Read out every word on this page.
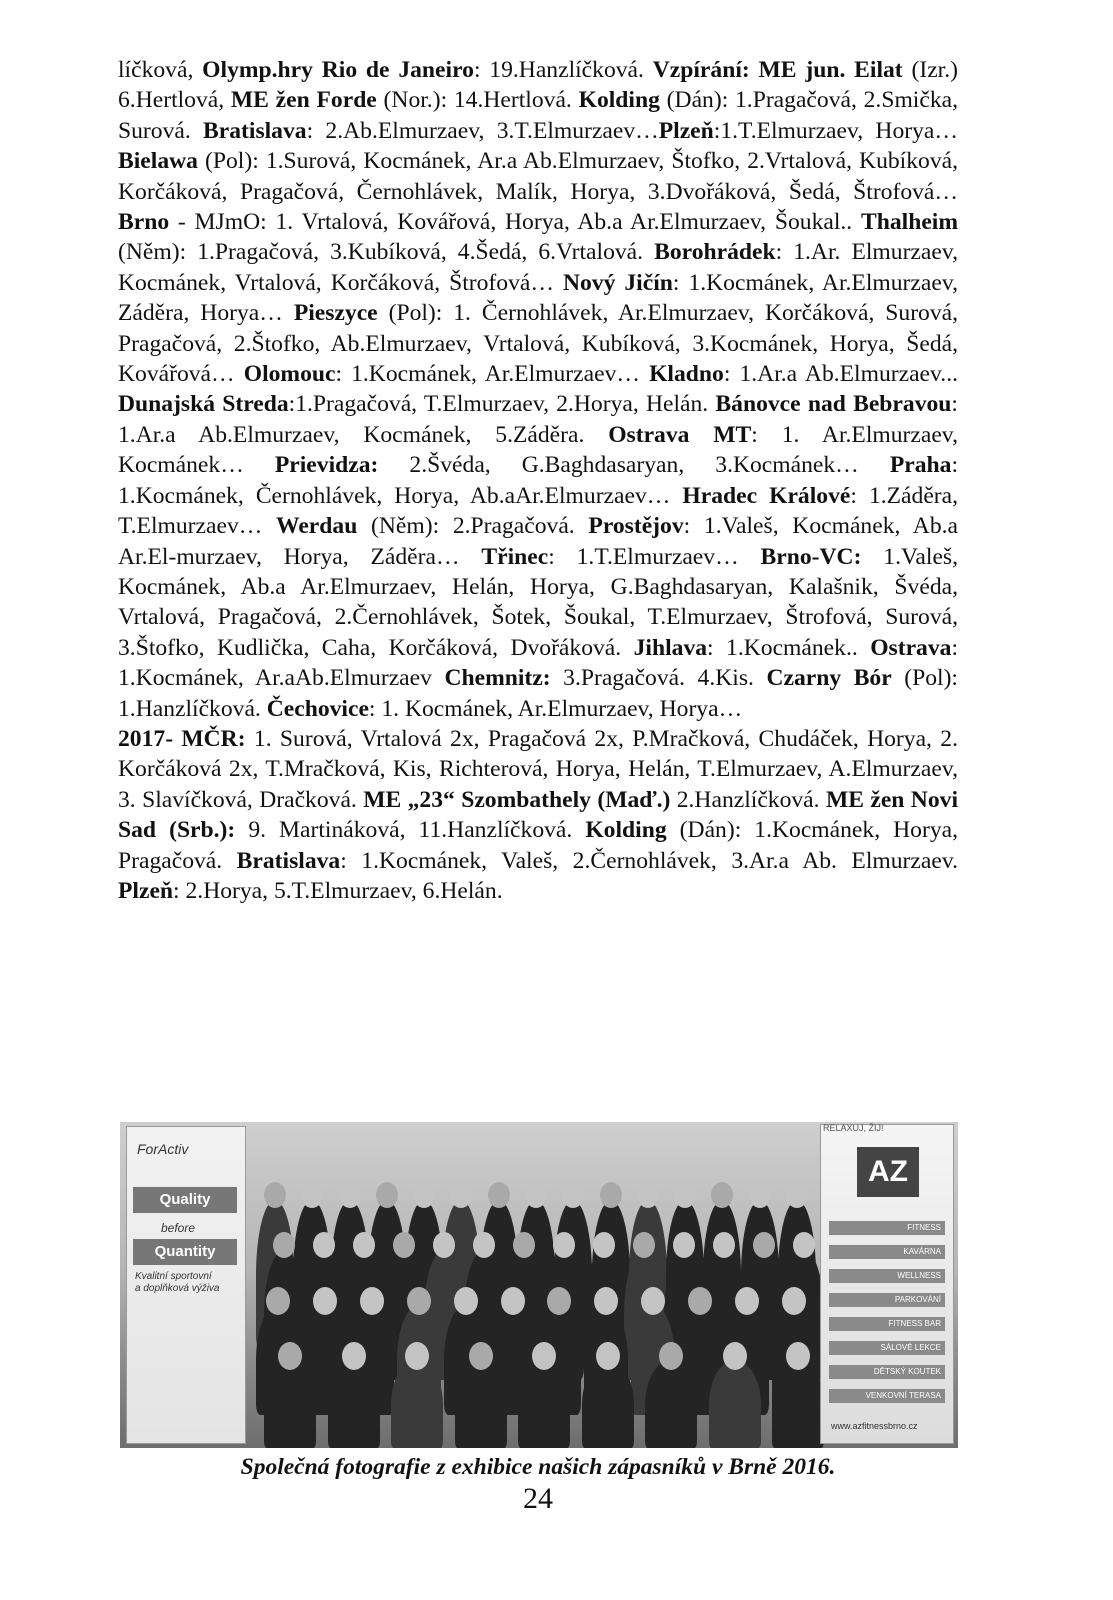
líčková, Olymp.hry Rio de Janeiro: 19.Hanzlíčková. Vzpírání: ME jun. Eilat (Izr.) 6.Hertlová, ME žen Forde (Nor.): 14.Hertlová. Kolding (Dán): 1.Pragačová, 2.Smička, Surová. Bratislava: 2.Ab.Elmurzaev, 3.T.Elmurzaev…Plzeň:1.T.Elmurzaev, Horya… Bielawa (Pol): 1.Surová, Kocmánek, Ar.a Ab.Elmurzaev, Štofko, 2.Vrtalová, Kubíková, Korčáková, Pragačová, Černohlávek, Malík, Horya, 3.Dvořáková, Šedá, Štrofová… Brno - MJmO: 1. Vrtalová, Kovářová, Horya, Ab.a Ar.Elmurzaev, Šoukal.. Thalheim (Něm): 1.Pragačová, 3.Kubíková, 4.Šedá, 6.Vrtalová. Borohrádek: 1.Ar. Elmurzaev, Kocmánek, Vrtalová, Korčáková, Štrofová… Nový Jičín: 1.Kocmánek, Ar.Elmurzaev, Záděra, Horya… Pieszyce (Pol): 1. Černohlávek, Ar.Elmurzaev, Korčáková, Surová, Pragačová, 2.Štofko, Ab.Elmurzaev, Vrtalová, Kubíková, 3.Kocmánek, Horya, Šedá, Kovářová… Olomouc: 1.Kocmánek, Ar.Elmurzaev… Kladno: 1.Ar.a Ab.Elmurzaev... Dunajská Streda:1.Pragačová, T.Elmurzaev, 2.Horya, Helán. Bánovce nad Bebravou: 1.Ar.a Ab.Elmurzaev, Kocmánek, 5.Záděra. Ostrava MT: 1. Ar.Elmurzaev, Kocmánek… Prievidza: 2.Švéda, G.Baghdasaryan, 3.Kocmánek… Praha: 1.Kocmánek, Černohlávek, Horya, Ab.aAr.Elmurzaev… Hradec Králové: 1.Záděra, T.Elmurzaev… Werdau (Něm): 2.Pragačová. Prostějov: 1.Valeš, Kocmánek, Ab.a Ar.El-murzaev, Horya, Záděra… Třinec: 1.T.Elmurzaev… Brno-VC: 1.Valeš, Kocmánek, Ab.a Ar.Elmurzaev, Helán, Horya, G.Baghdasaryan, Kalašnik, Švéda, Vrtalová, Pragačová, 2.Černohlávek, Šotek, Šoukal, T.Elmurzaev, Štrofová, Surová, 3.Štofko, Kudlička, Caha, Korčáková, Dvořáková. Jihlava: 1.Kocmánek.. Ostrava: 1.Kocmánek, Ar.aAb.Elmurzaev Chemnitz: 3.Pragačová. 4.Kis. Czarny Bór (Pol): 1.Hanzlíčková. Čechovice: 1. Kocmánek, Ar.Elmurzaev, Horya…

2017- MČR: 1. Surová, Vrtalová 2x, Pragačová 2x, P.Mračková, Chudáček, Horya, 2. Korčáková 2x, T.Mračková, Kis, Richterová, Horya, Helán, T.Elmurzaev, A.Elmurzaev, 3. Slavíčková, Dračková. ME „23“ Szombathely (Maď.) 2.Hanzlíčková. ME žen Novi Sad (Srb.): 9. Martináková, 11.Hanzlíčková. Kolding (Dán): 1.Kocmánek, Horya, Pragačová. Bratislava: 1.Kocmánek, Valeš, 2.Černohlávek, 3.Ar.a Ab. Elmurzaev. Plzeň: 2.Horya, 5.T.Elmurzaev, 6.Helán.

ForActiv
Quality
before
Quantity
Kvalitní sportovní
a doplňková výživa
RELAXUJ, ŽIJ!
AZ
FITNESS
KAVÁRNA
WELLNESS
PARKOVÁNÍ
FITNESS BAR
SÁLOVÉ LEKCE
DĚTSKÝ KOUTEK
VENKOVNÍ TERASA
www.azfitnessbrno.cz
Společná fotografie z exhibice našich zápasníků v Brně 2016.
24
